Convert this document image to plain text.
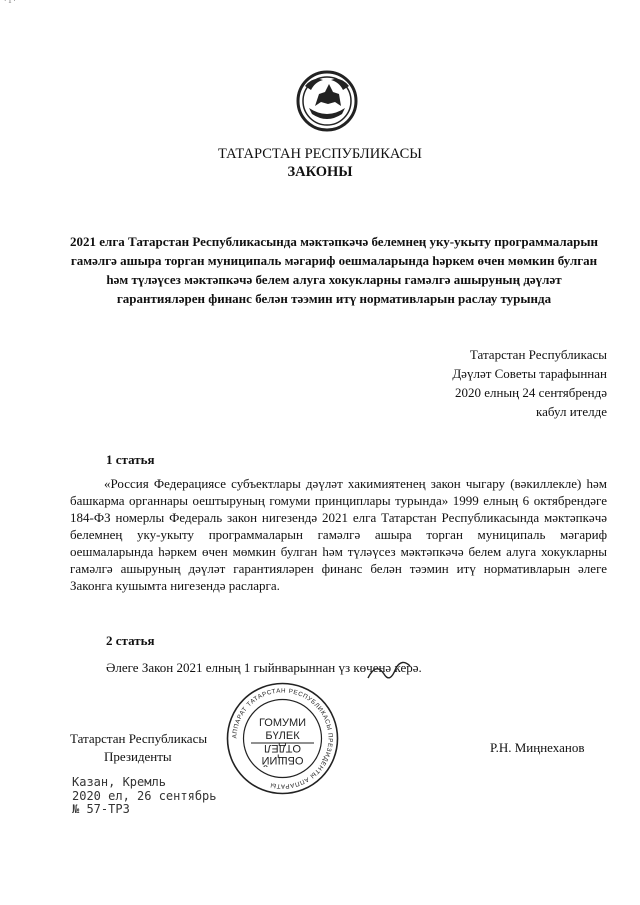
ТАТАРСТАН РЕСПУБЛИКАСЫ
ЗАКОНЫ
2021 елга Татарстан Республикасында мәктәпкәчә белемнең уку-укыту программаларын гамәлгә ашыра торган муниципаль мәгариф оешмаларында һәркем өчен мөмкин булган һәм түләүсез мәктәпкәчә белем алуга хокукларны гамәлгә ашыруның дәүләт гарантияләрен финанс белән тәэмин итү нормативларын раслау турында
Татарстан Республикасы
Дәүләт Советы тарафыннан
2020 елның 24 сентябрендә
кабул ителде
1 статья
«Россия Федерациясе субъектлары дәүләт хакимиятенең закон чыгару (вәкиллекле) һәм башкарма органнары оештыруның гомуми принциплары турында» 1999 елның 6 октябрендәге 184-ФЗ номерлы Федераль закон нигезендә 2021 елга Татарстан Республикасында мәктәпкәчә белемнең уку-укыту программаларын гамәлгә ашыра торган муниципаль мәгариф оешмаларында һәркем өчен мөмкин булган һәм түләүсез мәктәпкәчә белем алуга хокукларны гамәлгә ашыруның дәүләт гарантияләрен финанс белән тәэмин итү нормативларын әлеге Законга кушымта нигезендә расларга.
2 статья
Әлеге Закон 2021 елның 1 гыйнварыннан үз көченә керә.
Татарстан Республикасы
Президенты
Р.Н. Миңнеханов
Казан, Кремль
2020 ел, 26 сентябрь
№ 57-ТРЗ
АППАРАТ ТАТАРСТАН РЕСПУБЛИКАСЫ ПРЕЗИДЕНТЫ АППАРАТЫ
ГОМУМИ
БҮЛЕК
ОТДЕЛ
ОБЩИЙ
· 1 ·
